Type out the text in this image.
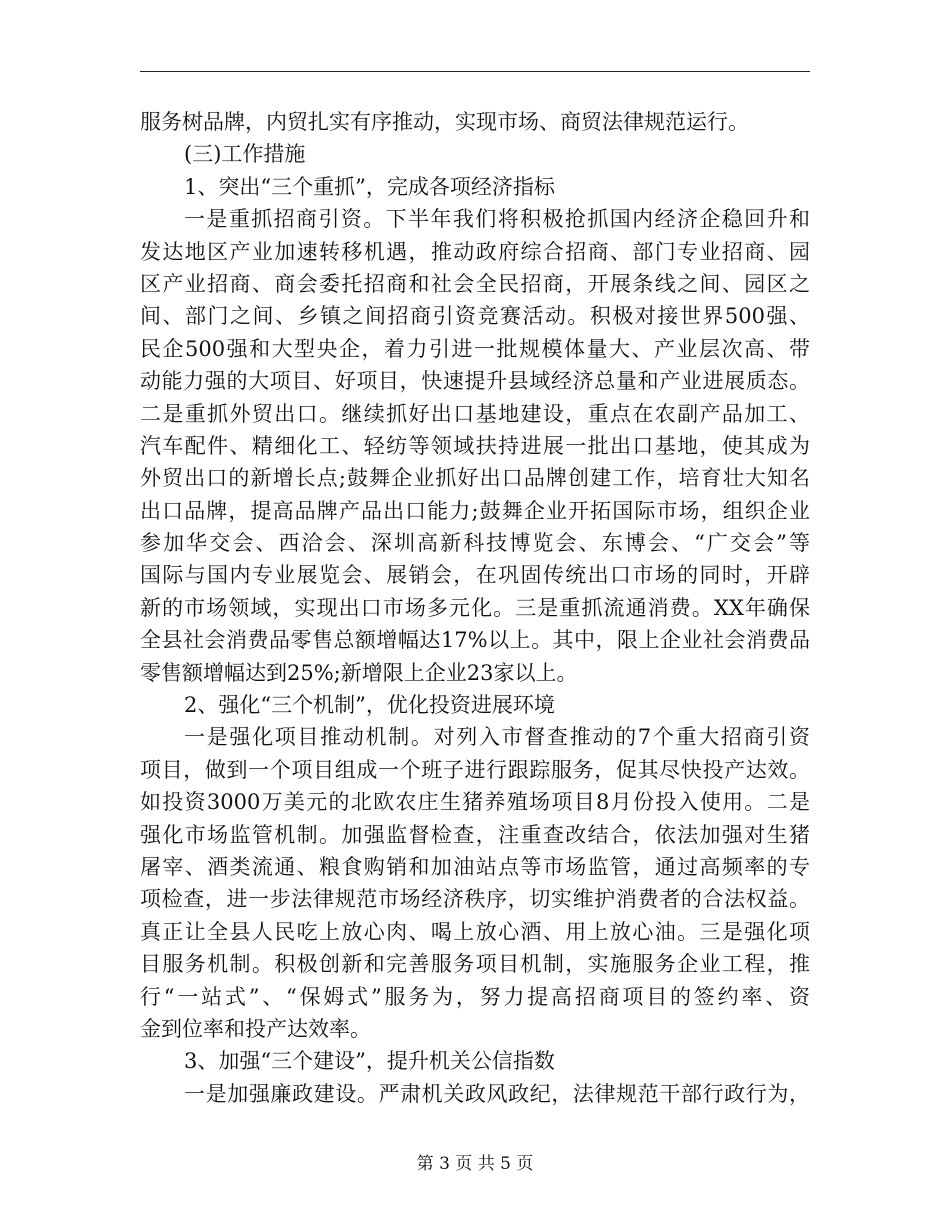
服务树品牌，内贸扎实有序推动，实现市场、商贸法律规范运行。
(三)工作措施
1、突出“三个重抓”，完成各项经济指标
一是重抓招商引资。下半年我们将积极抢抓国内经济企稳回升和
发达地区产业加速转移机遇，推动政府综合招商、部门专业招商、园
区产业招商、商会委托招商和社会全民招商，开展条线之间、园区之
间、部门之间、乡镇之间招商引资竞赛活动。积极对接世界500强、
民企500强和大型央企，着力引进一批规模体量大、产业层次高、带
动能力强的大项目、好项目，快速提升县域经济总量和产业进展质态。
二是重抓外贸出口。继续抓好出口基地建设，重点在农副产品加工、
汽车配件、精细化工、轻纺等领域扶持进展一批出口基地，使其成为
外贸出口的新增长点;鼓舞企业抓好出口品牌创建工作，培育壮大知名
出口品牌，提高品牌产品出口能力;鼓舞企业开拓国际市场，组织企业
参加华交会、西洽会、深圳高新科技博览会、东博会、“广交会”等
国际与国内专业展览会、展销会，在巩固传统出口市场的同时，开辟
新的市场领域，实现出口市场多元化。三是重抓流通消费。XX年确保
全县社会消费品零售总额增幅达17%以上。其中，限上企业社会消费品
零售额增幅达到25%;新增限上企业23家以上。
2、强化“三个机制”，优化投资进展环境
一是强化项目推动机制。对列入市督查推动的7个重大招商引资
项目，做到一个项目组成一个班子进行跟踪服务，促其尽快投产达效。
如投资3000万美元的北欧农庄生猪养殖场项目8月份投入使用。二是
强化市场监管机制。加强监督检查，注重查改结合，依法加强对生猪
屠宰、酒类流通、粮食购销和加油站点等市场监管，通过高频率的专
项检查，进一步法律规范市场经济秩序，切实维护消费者的合法权益。
真正让全县人民吃上放心肉、喝上放心酒、用上放心油。三是强化项
目服务机制。积极创新和完善服务项目机制，实施服务企业工程，推
行“一站式”、“保姆式”服务为，努力提高招商项目的签约率、资
金到位率和投产达效率。
3、加强“三个建设”，提升机关公信指数
一是加强廉政建设。严肃机关政风政纪，法律规范干部行政行为，
第 3 页 共 5 页
